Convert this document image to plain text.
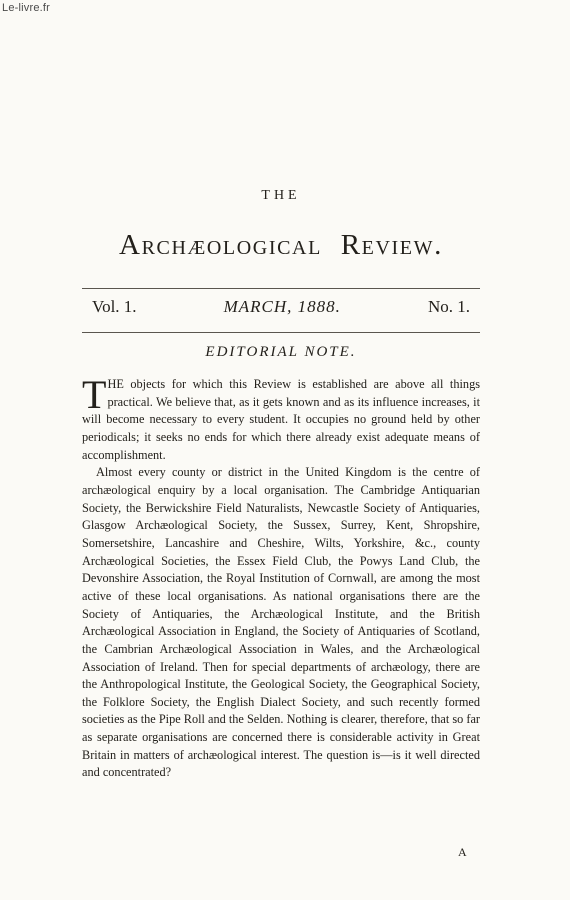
Le-livre.fr
THE
Archæological Review.
Vol. 1.	MARCH, 1888.	No. 1.
EDITORIAL NOTE.

THE objects for which this Review is established are above all things practical. We believe that, as it gets known and as its influence increases, it will become necessary to every student. It occupies no ground held by other periodicals; it seeks no ends for which there already exist adequate means of accomplishment.

Almost every county or district in the United Kingdom is the centre of archæological enquiry by a local organisation. The Cambridge Antiquarian Society, the Berwickshire Field Naturalists, Newcastle Society of Antiquaries, Glasgow Archæological Society, the Sussex, Surrey, Kent, Shropshire, Somersetshire, Lancashire and Cheshire, Wilts, Yorkshire, &c., county Archæological Societies, the Essex Field Club, the Powys Land Club, the Devonshire Association, the Royal Institution of Cornwall, are among the most active of these local organisations. As national organisations there are the Society of Antiquaries, the Archæological Institute, and the British Archæological Association in England, the Society of Antiquaries of Scotland, the Cambrian Archæological Association in Wales, and the Archæological Association of Ireland. Then for special departments of archæology, there are the Anthropological Institute, the Geological Society, the Geographical Society, the Folklore Society, the English Dialect Society, and such recently formed societies as the Pipe Roll and the Selden. Nothing is clearer, therefore, that so far as separate organisations are concerned there is considerable activity in Great Britain in matters of archæological interest. The question is—is it well directed and concentrated?

A
